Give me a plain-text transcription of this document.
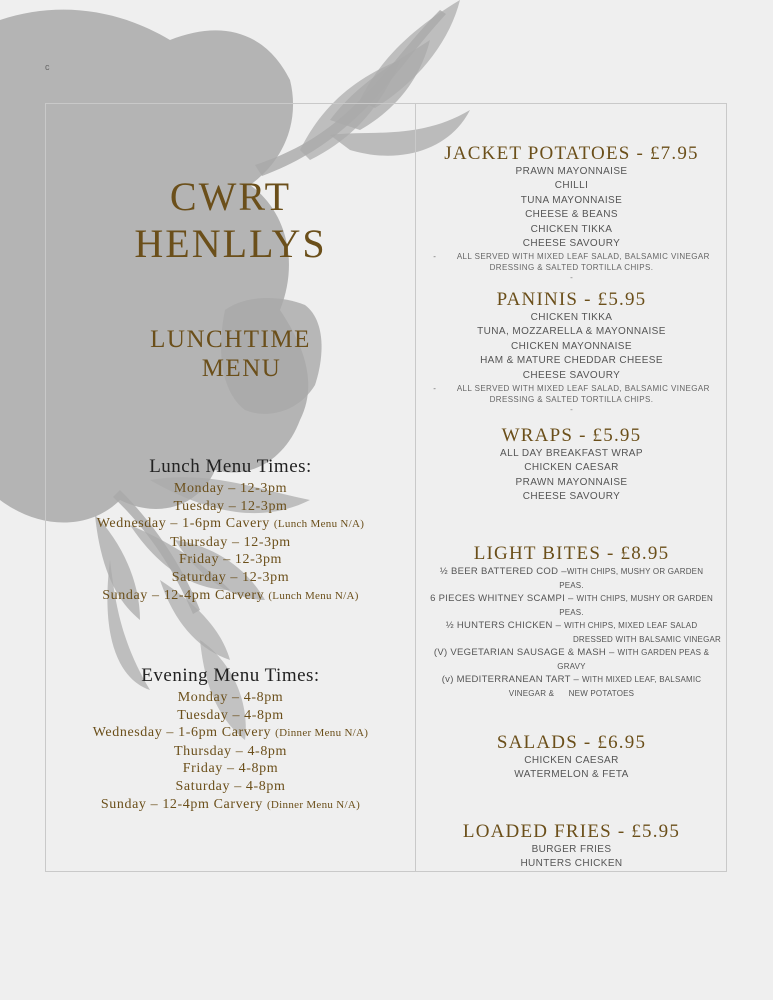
c
CWRT
HENLLYS
LUNCHTIME
MENU
Lunch Menu Times:
Monday – 12-3pm
Tuesday – 12-3pm
Wednesday – 1-6pm Cavery (Lunch Menu N/A)
Thursday – 12-3pm
Friday – 12-3pm
Saturday – 12-3pm
Sunday – 12-4pm Carvery (Lunch Menu N/A)
Evening Menu Times:
Monday – 4-8pm
Tuesday – 4-8pm
Wednesday – 1-6pm Carvery (Dinner Menu N/A)
Thursday – 4-8pm
Friday – 4-8pm
Saturday – 4-8pm
Sunday – 12-4pm Carvery (Dinner Menu N/A)
JACKET POTATOES - £7.95
PRAWN MAYONNAISE
CHILLI
TUNA MAYONNAISE
CHEESE & BEANS
CHICKEN TIKKA
CHEESE SAVOURY
-        ALL SERVED WITH MIXED LEAF SALAD, BALSAMIC VINEGAR
DRESSING & SALTED TORTILLA CHIPS.
-
PANINIS - £5.95
CHICKEN TIKKA
TUNA, MOZZARELLA & MAYONNAISE
CHICKEN MAYONNAISE
HAM & MATURE CHEDDAR CHEESE
CHEESE SAVOURY
-        ALL SERVED WITH MIXED LEAF SALAD, BALSAMIC VINEGAR
DRESSING & SALTED TORTILLA CHIPS.
-
WRAPS - £5.95
ALL DAY BREAKFAST WRAP
CHICKEN CAESAR
PRAWN MAYONNAISE
CHEESE SAVOURY
LIGHT BITES - £8.95
½ BEER BATTERED COD –WITH CHIPS, MUSHY OR GARDEN
PEAS.
6 PIECES WHITNEY SCAMPI – WITH CHIPS, MUSHY OR GARDEN
PEAS.
½ HUNTERS CHICKEN – WITH CHIPS, MIXED LEAF SALAD
DRESSED WITH BALSAMIC VINEGAR
(V) VEGETARIAN SAUSAGE & MASH – WITH GARDEN PEAS &
GRAVY
(v) MEDITERRANEAN TART – WITH MIXED LEAF, BALSAMIC
VINEGAR &      NEW POTATOES
SALADS - £6.95
CHICKEN CAESAR
WATERMELON & FETA
LOADED FRIES - £5.95
BURGER FRIES
HUNTERS CHICKEN
